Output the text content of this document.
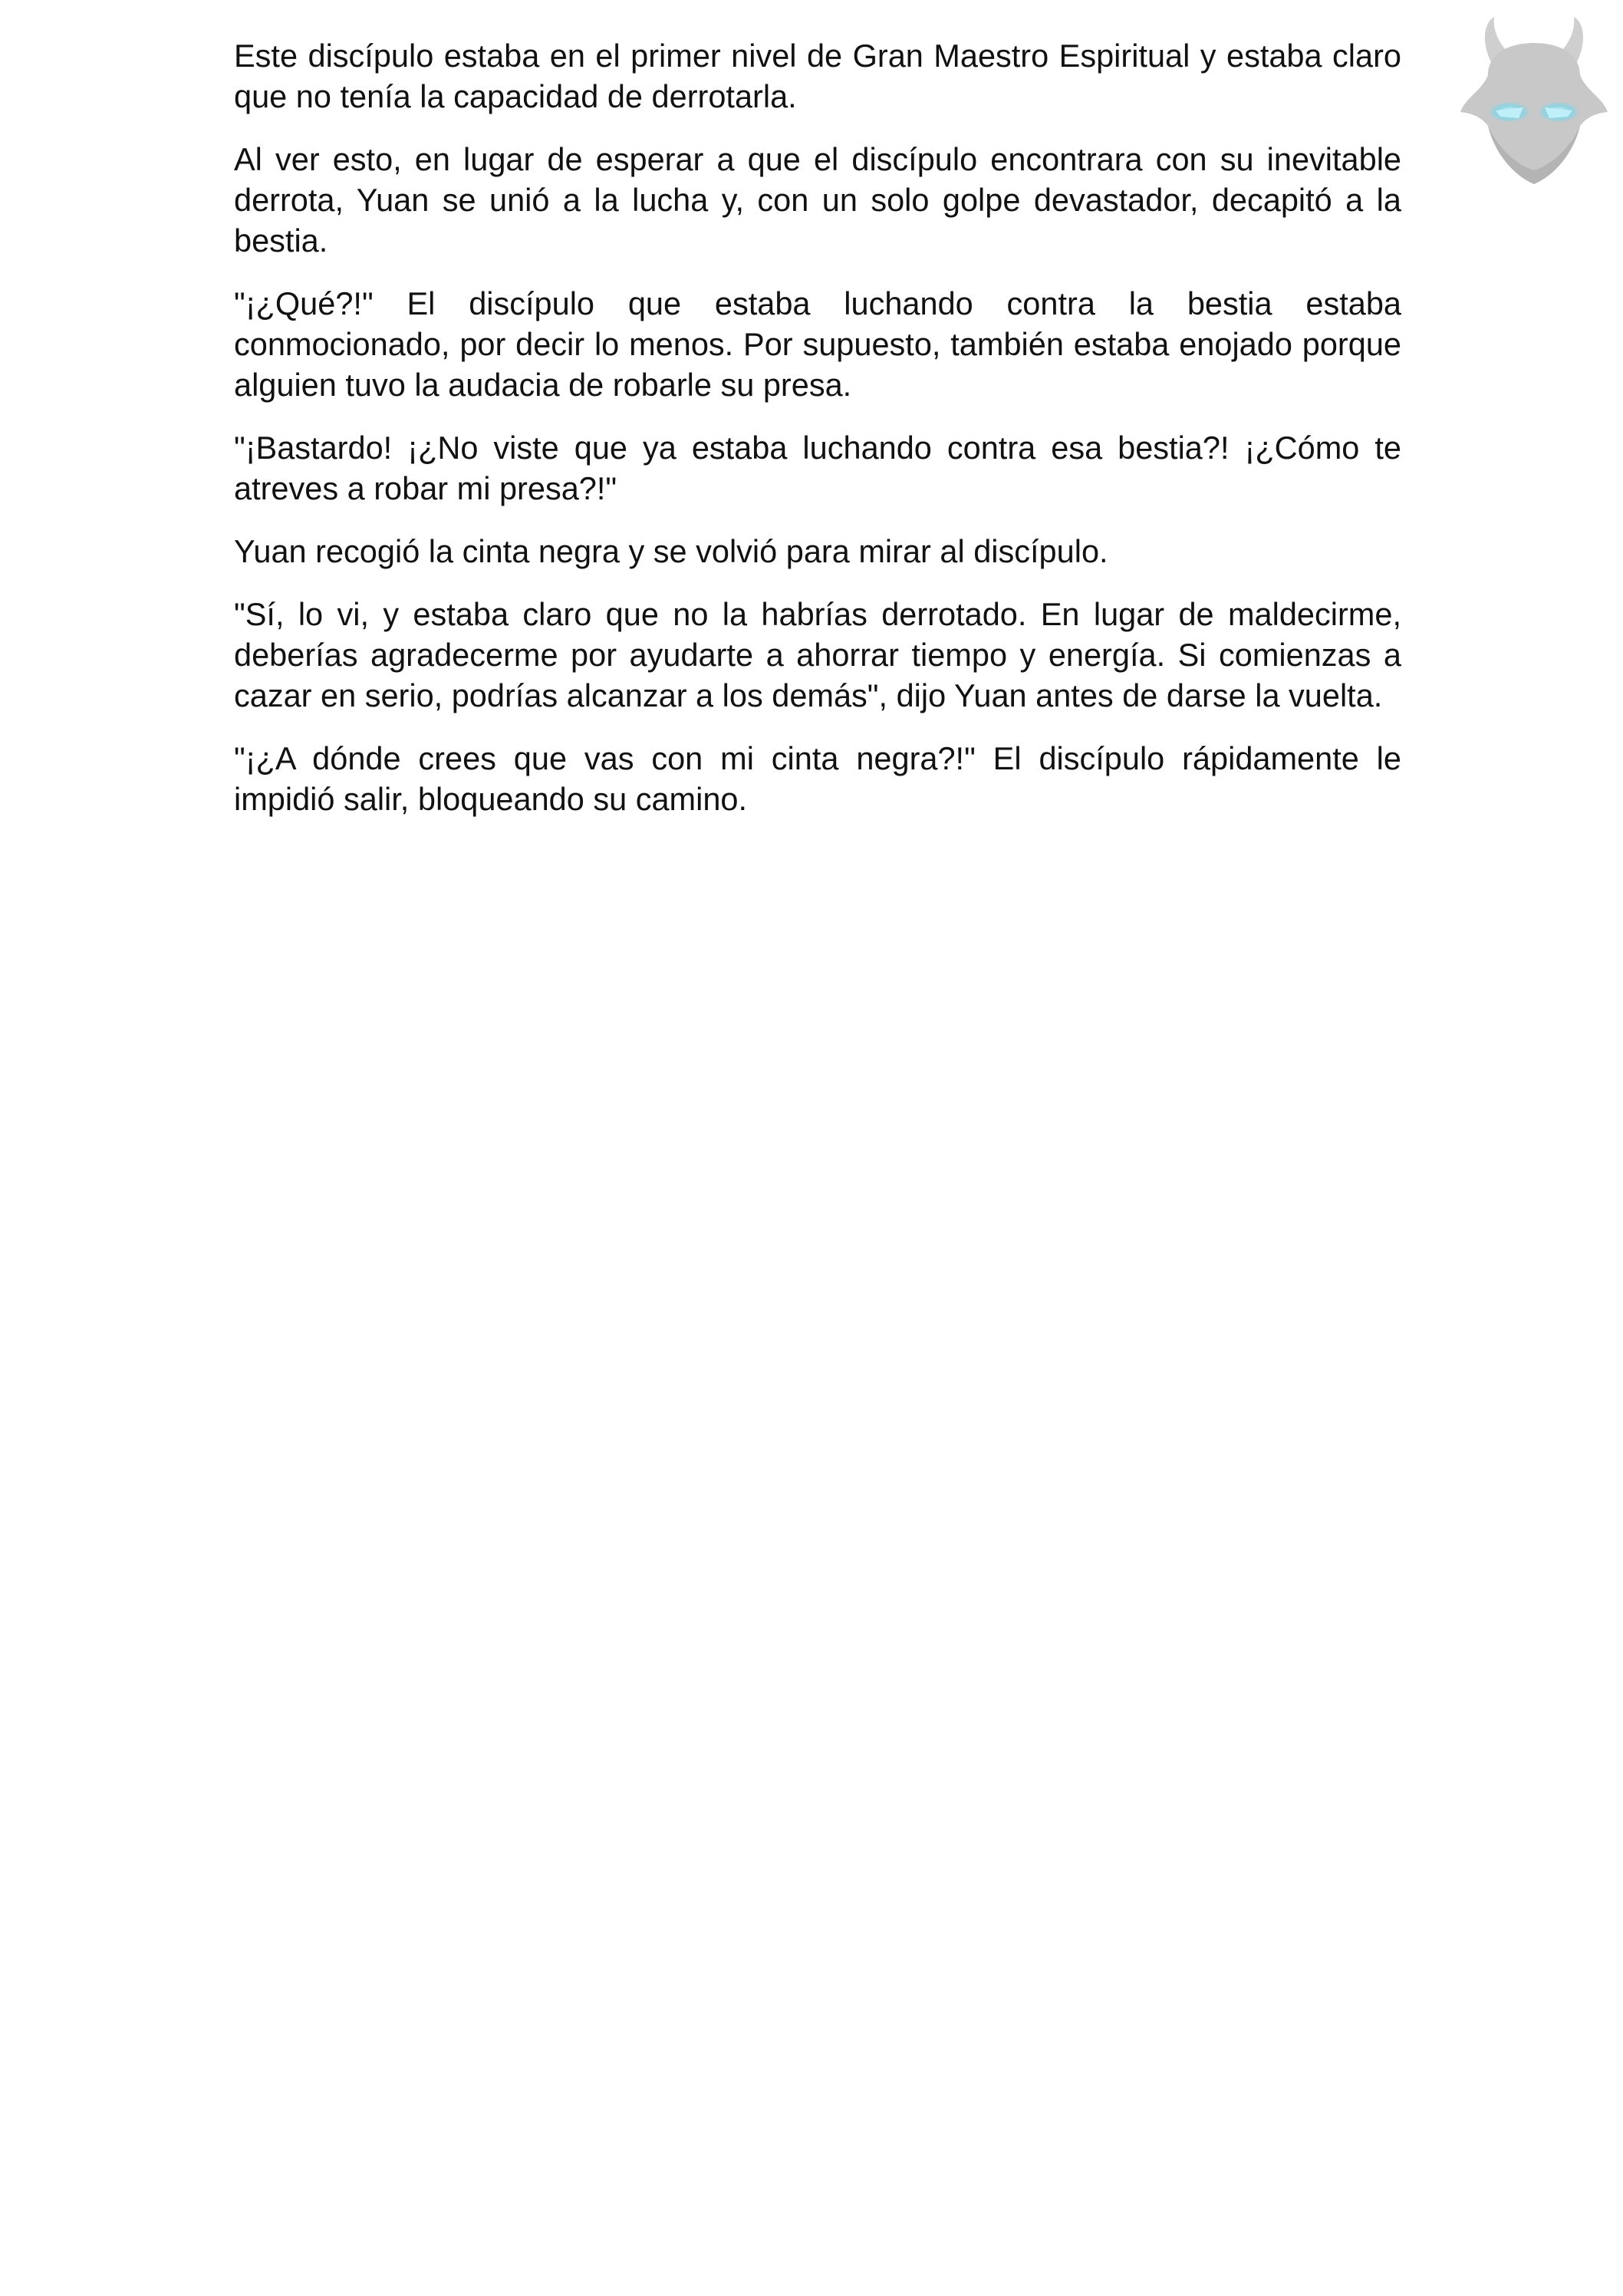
Este discípulo estaba en el primer nivel de Gran Maestro Espiritual y estaba claro que no tenía la capacidad de derrotarla.

Al ver esto, en lugar de esperar a que el discípulo encontrara con su inevitable derrota, Yuan se unió a la lucha y, con un solo golpe devastador, decapitó a la bestia.

"¡¿Qué?!" El discípulo que estaba luchando contra la bestia estaba conmocionado, por decir lo menos. Por supuesto, también estaba enojado porque alguien tuvo la audacia de robarle su presa.

"¡Bastardo! ¡¿No viste que ya estaba luchando contra esa bestia?! ¡¿Cómo te atreves a robar mi presa?!"

Yuan recogió la cinta negra y se volvió para mirar al discípulo.

"Sí, lo vi, y estaba claro que no la habrías derrotado. En lugar de maldecirme, deberías agradecerme por ayudarte a ahorrar tiempo y energía. Si comienzas a cazar en serio, podrías alcanzar a los demás", dijo Yuan antes de darse la vuelta.

"¡¿A dónde crees que vas con mi cinta negra?!" El discípulo rápidamente le impidió salir, bloqueando su camino.
